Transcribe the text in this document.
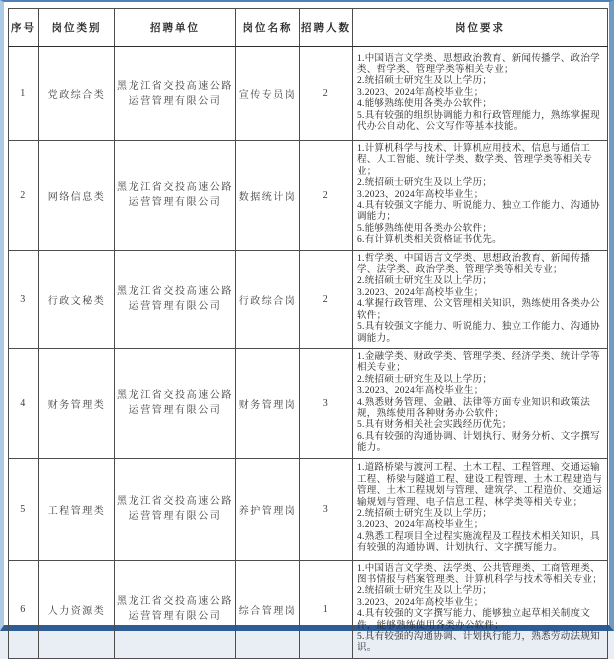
序号	岗位类别	招聘单位	岗位名称	招聘人数	岗位要求
1	党政综合类	黑龙江省交投高速公路运营管理有限公司	宣传专员岗	2	1.中国语言文学类、思想政治教育、新闻传播学、政治学类、哲学类、管理学类等相关专业；
2.统招硕士研究生及以上学历；
3.2023、2024年高校毕业生；
4.能够熟练使用各类办公软件；
5.具有较强的组织协调能力和行政管理能力，熟练掌握现代办公自动化、公文写作等基本技能。

2	网络信息类	黑龙江省交投高速公路运营管理有限公司	数据统计岗	2	
1.计算机科学与技术、计算机应用技术、信息与通信工程、人工智能、统计学类、数学类、管理学类等相关专业；
2.统招硕士研究生及以上学历；
3.2023、2024年高校毕业生；
4.具有较强文字能力、听说能力、独立工作能力、沟通协调能力；
5.能够熟练使用各类办公软件；
6.有计算机类相关资格证书优先。

3	行政文秘类	黑龙江省交投高速公路运营管理有限公司	行政综合岗	2	1.哲学类、中国语言文学类、思想政治教育、新闻传播学、法学类、政治学类、管理学类等相关专业；
2.统招硕士研究生及以上学历；
3.2023、2024年高校毕业生；
4.掌握行政管理、公文管理相关知识，熟练使用各类办公软件；
5.具有较强文字能力、听说能力、独立工作能力、沟通协调能力。

4	财务管理类	黑龙江省交投高速公路运营管理有限公司	财务管理岗	3	
1.金融学类、财政学类、管理学类、经济学类、统计学等相关专业；
2.统招硕士研究生及以上学历；
3.2023、2024年高校毕业生；
4.熟悉财务管理、金融、法律等方面专业知识和政策法规，熟练使用各种财务办公软件；
5.具有财务相关社会实践经历优先；
6.具有较强的沟通协调、计划执行、财务分析、文字撰写能力。

5	工程管理类	黑龙江省交投高速公路运营管理有限公司	养护管理岗	3	1.道路桥梁与渡河工程、土木工程、工程管理、交通运输工程、桥梁与隧道工程、建设工程管理、土木工程建造与管理、土木工程规划与管理、建筑学、工程造价、交通运输规划与管理、电子信息工程、林学类等相关专业；
2.统招硕士研究生及以上学历；
3.2023、2024年高校毕业生；
4.熟悉工程项目全过程实施流程及工程技术相关知识，具有较强的沟通协调、计划执行、文字撰写能力。

6	人力资源类	黑龙江省交投高速公路运营管理有限公司	综合管理岗	1	1.中国语言文学类、法学类、公共管理类、工商管理类、图书情报与档案管理类、计算机科学与技术等相关专业；
2.统招硕士研究生及以上学历；
3.2023、2024年高校毕业生；
4.具有较强的文字撰写能力、能够独立起草相关制度文件，能够熟练使用各类办公软件；
5.具有较强的沟通协调、计划执行能力，熟悉劳动法规知识。
